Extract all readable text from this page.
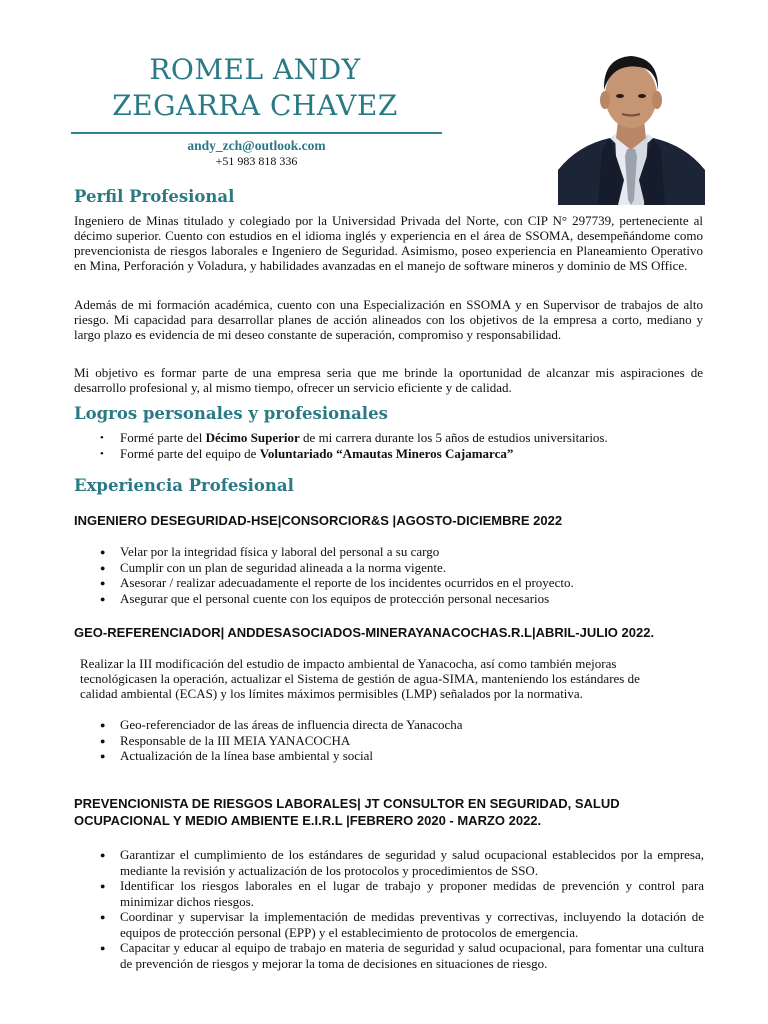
ROMEL ANDY
ZEGARRA CHAVEZ
andy_zch@outlook.com
+51 983 818 336
Perfil Profesional
Ingeniero de Minas titulado y colegiado por la Universidad Privada del Norte, con CIP N° 297739, perteneciente al décimo superior. Cuento con estudios en el idioma inglés y experiencia en el área de SSOMA, desempeñándome como prevencionista de riesgos laborales e Ingeniero de Seguridad. Asimismo, poseo experiencia en Planeamiento Operativo en Mina, Perforación y Voladura, y habilidades avanzadas en el manejo de software mineros y dominio de MS Office.
Además de mi formación académica, cuento con una Especialización en SSOMA y en Supervisor de trabajos de alto riesgo. Mi capacidad para desarrollar planes de acción alineados con los objetivos de la empresa a corto, mediano y largo plazo es evidencia de mi deseo constante de superación, compromiso y responsabilidad.
Mi objetivo es formar parte de una empresa seria que me brinde la oportunidad de alcanzar mis aspiraciones de desarrollo profesional y, al mismo tiempo, ofrecer un servicio eficiente y de calidad.
Logros personales y profesionales
• Formé parte del Décimo Superior de mi carrera durante los 5 años de estudios universitarios.
• Formé parte del equipo de Voluntariado “Amautas Mineros Cajamarca”
Experiencia Profesional
INGENIERO DESEGURIDAD-HSE|CONSORCIOR&S |AGOSTO-DICIEMBRE 2022
● Velar por la integridad física y laboral del personal a su cargo
● Cumplir con un plan de seguridad alineada a la norma vigente.
● Asesorar / realizar adecuadamente el reporte de los incidentes ocurridos en el proyecto.
● Asegurar que el personal cuente con los equipos de protección personal necesarios
GEO-REFERENCIADOR| ANDDESASOCIADOS-MINERAYANACOCHAS.R.L|ABRIL-JULIO 2022.
Realizar la III modificación del estudio de impacto ambiental de Yanacocha, así como también mejoras tecnológicasen la operación, actualizar el Sistema de gestión de agua-SIMA, manteniendo los estándares de calidad ambiental (ECAS) y los límites máximos permisibles (LMP) señalados por la normativa.
● Geo-referenciador de las áreas de influencia directa de Yanacocha
● Responsable de la III MEIA YANACOCHA
● Actualización de la línea base ambiental y social
PREVENCIONISTA DE RIESGOS LABORALES| JT CONSULTOR EN SEGURIDAD, SALUD
OCUPACIONAL Y MEDIO AMBIENTE E.I.R.L |FEBRERO 2020 - MARZO 2022.
● Garantizar el cumplimiento de los estándares de seguridad y salud ocupacional establecidos por la empresa, mediante la revisión y actualización de los protocolos y procedimientos de SSO.
● Identificar los riesgos laborales en el lugar de trabajo y proponer medidas de prevención y control para minimizar dichos riesgos.
● Coordinar y supervisar la implementación de medidas preventivas y correctivas, incluyendo la dotación de equipos de protección personal (EPP) y el establecimiento de protocolos de emergencia.
● Capacitar y educar al equipo de trabajo en materia de seguridad y salud ocupacional, para fomentar una cultura de prevención de riesgos y mejorar la toma de decisiones en situaciones de riesgo.
